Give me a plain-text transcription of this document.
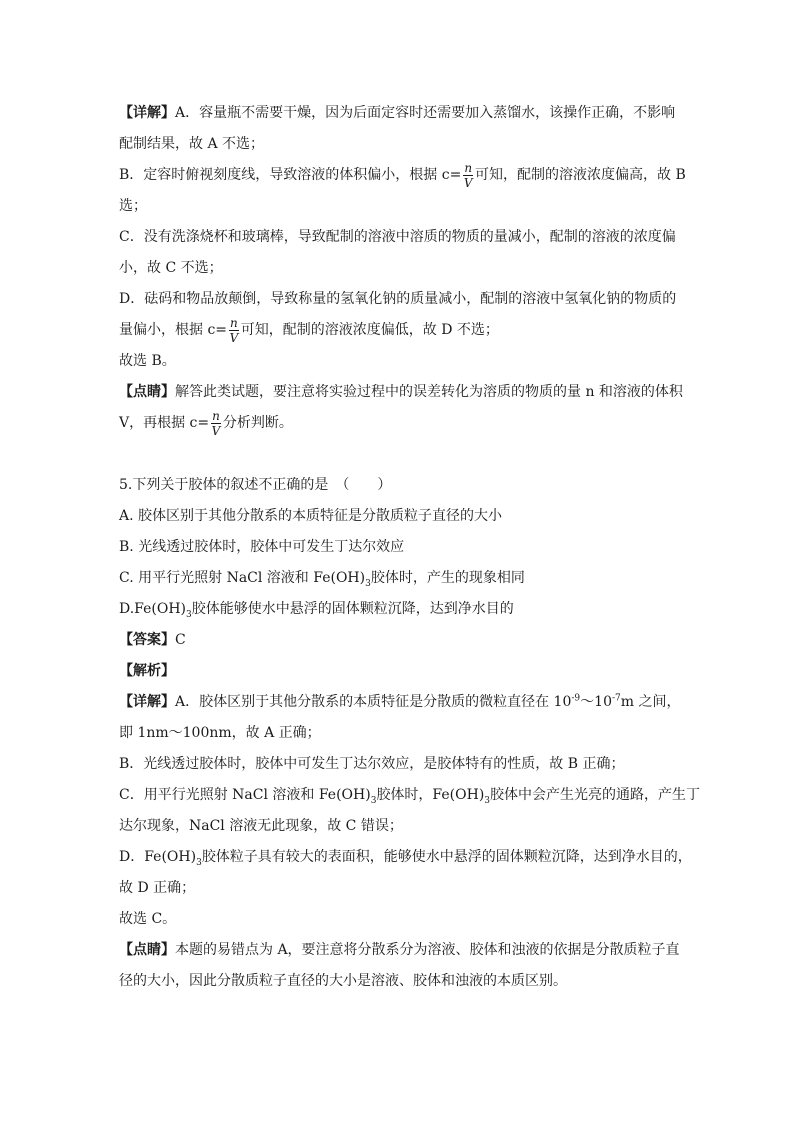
【详解】A．容量瓶不需要干燥，因为后面定容时还需要加入蒸馏水，该操作正确，不影响
配制结果，故 A 不选；
B．定容时俯视刻度线，导致溶液的体积偏小，根据 $c= \frac{n}{V}$ 可知，配制的溶液浓度偏高，故 B
选；
C．没有洗涤烧杯和玻璃棒，导致配制的溶液中溶质的物质的量减小，配制的溶液的浓度偏
小，故 C 不选；
D．砝码和物品放颠倒，导致称量的氢氧化钠的质量减小，配制的溶液中氢氧化钠的物质的
量偏小，根据 $c= \frac{n}{V}$ 可知，配制的溶液浓度偏低，故 D 不选；
故选 B。
【点睛】解答此类试题，要注意将实验过程中的误差转化为溶质的物质的量 n 和溶液的体积
V，再根据 $c= \frac{n}{V}$ 分析判断。
5.下列关于胶体的叙述不正确的是　（　　）
A. 胶体区别于其他分散系的本质特征是分散质粒子直径的大小
B. 光线透过胶体时，胶体中可发生丁达尔效应
C. 用平行光照射 NaCl 溶液和 $Fe(OH)_3$胶体时，产生的现象相同
$D.Fe(OH)_3$胶体能够使水中悬浮的固体颗粒沉降，达到净水目的
【答案】C
【解析】
【详解】A．胶体区别于其他分散系的本质特征是分散质的微粒直径在 $10^{-9}\sim 10^{-7}m$ 之间，
即 1nm～100nm，故 A 正确；
B．光线透过胶体时，胶体中可发生丁达尔效应，是胶体特有的性质，故 B 正确；
C．用平行光照射 NaCl 溶液和 $Fe(OH)_3$胶体时，$Fe(OH)_3$胶体中会产生光亮的通路，产生丁
达尔现象，NaCl 溶液无此现象，故 C 错误；
D．$Fe(OH)_3$胶体粒子具有较大的表面积，能够使水中悬浮的固体颗粒沉降，达到净水目的，
故 D 正确；
故选 C。
【点睛】本题的易错点为 A，要注意将分散系分为溶液、胶体和浊液的依据是分散质粒子直
径的大小，因此分散质粒子直径的大小是溶液、胶体和浊液的本质区别。
